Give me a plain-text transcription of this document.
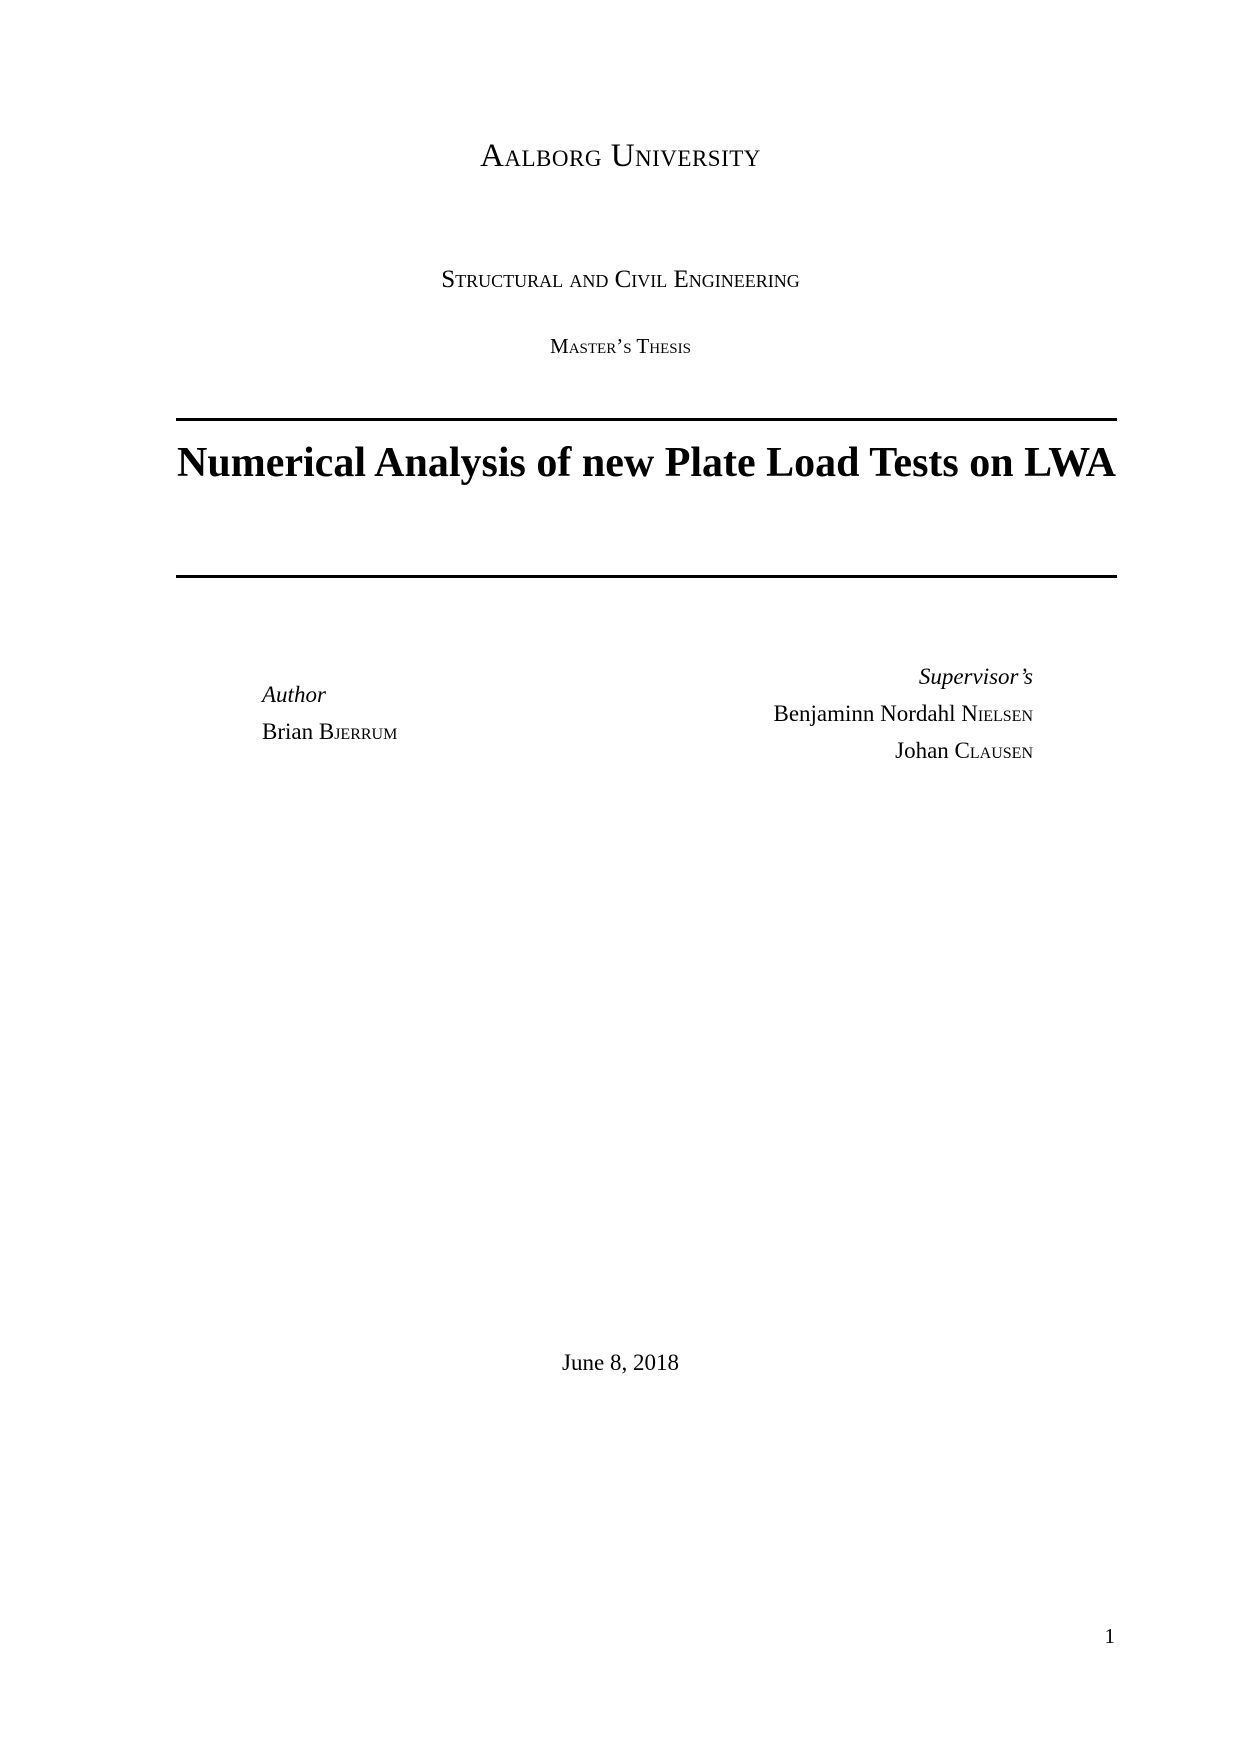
Aalborg University
Structural and Civil Engineering
Master’s Thesis
Numerical Analysis of new Plate Load Tests on LWA
Author
Brian Bjerrum
Supervisor’s
Benjaminn Nordahl Nielsen
Johan Clausen
June 8, 2018
1
